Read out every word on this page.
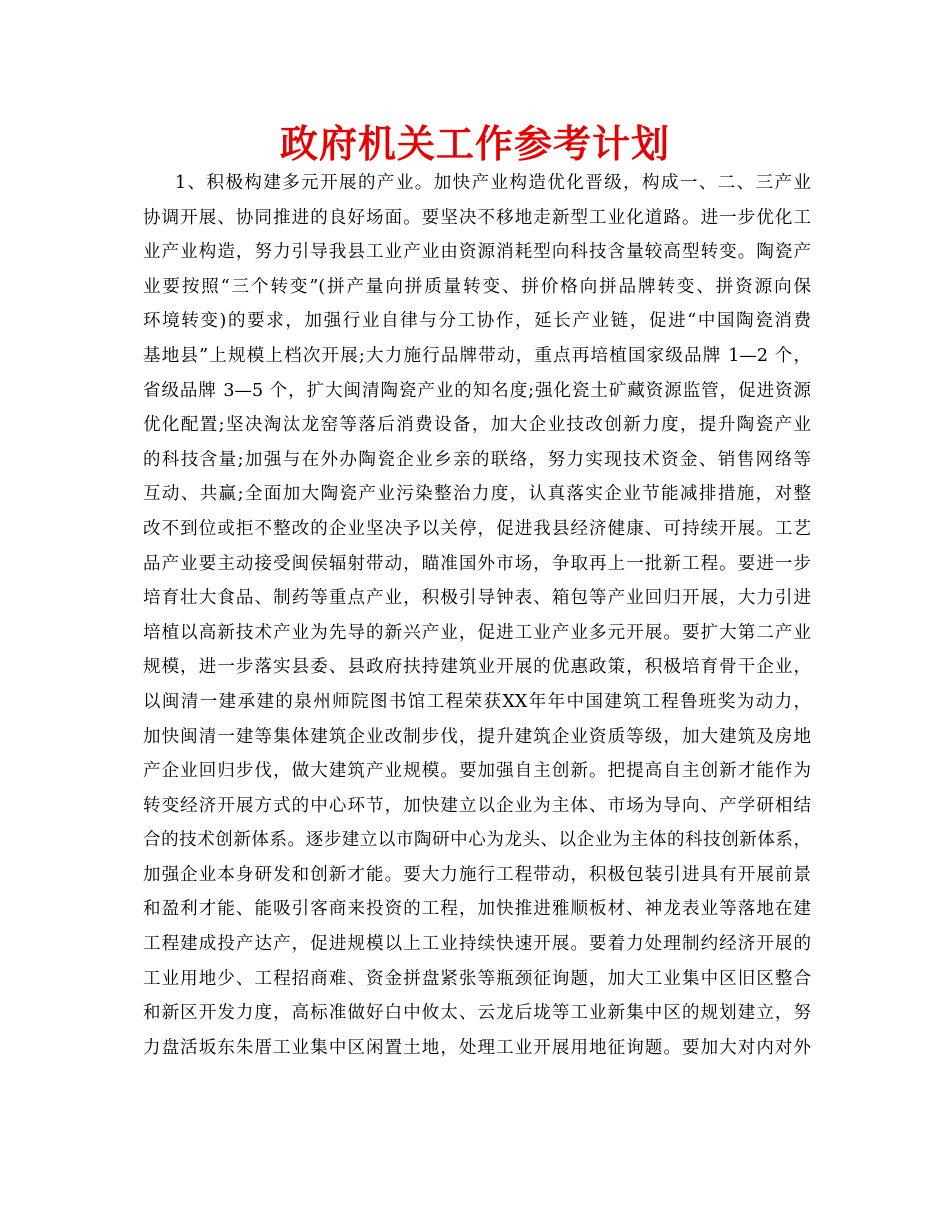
政府机关工作参考计划
1、积极构建多元开展的产业。加快产业构造优化晋级，构成一、二、三产业
协调开展、协同推进的良好场面。要坚决不移地走新型工业化道路。进一步优化工
业产业构造，努力引导我县工业产业由资源消耗型向科技含量较高型转变。陶瓷产
业要按照“三个转变”(拼产量向拼质量转变、拼价格向拼品牌转变、拼资源向保
环境转变)的要求，加强行业自律与分工协作，延长产业链，促进“中国陶瓷消费
基地县”上规模上档次开展;大力施行品牌带动，重点再培植国家级品牌 1—2 个，
省级品牌 3—5 个，扩大闽清陶瓷产业的知名度;强化瓷土矿藏资源监管，促进资源
优化配置;坚决淘汰龙窑等落后消费设备，加大企业技改创新力度，提升陶瓷产业
的科技含量;加强与在外办陶瓷企业乡亲的联络，努力实现技术资金、销售网络等
互动、共赢;全面加大陶瓷产业污染整治力度，认真落实企业节能减排措施，对整
改不到位或拒不整改的企业坚决予以关停，促进我县经济健康、可持续开展。工艺
品产业要主动接受闽侯辐射带动，瞄准国外市场，争取再上一批新工程。要进一步
培育壮大食品、制药等重点产业，积极引导钟表、箱包等产业回归开展，大力引进
培植以高新技术产业为先导的新兴产业，促进工业产业多元开展。要扩大第二产业
规模，进一步落实县委、县政府扶持建筑业开展的优惠政策，积极培育骨干企业，
以闽清一建承建的泉州师院图书馆工程荣获XX年年中国建筑工程鲁班奖为动力，
加快闽清一建等集体建筑企业改制步伐，提升建筑企业资质等级，加大建筑及房地
产企业回归步伐，做大建筑产业规模。要加强自主创新。把提高自主创新才能作为
转变经济开展方式的中心环节，加快建立以企业为主体、市场为导向、产学研相结
合的技术创新体系。逐步建立以市陶研中心为龙头、以企业为主体的科技创新体系，
加强企业本身研发和创新才能。要大力施行工程带动，积极包装引进具有开展前景
和盈利才能、能吸引客商来投资的工程，加快推进雅顺板材、神龙表业等落地在建
工程建成投产达产，促进规模以上工业持续快速开展。要着力处理制约经济开展的
工业用地少、工程招商难、资金拼盘紧张等瓶颈征询题，加大工业集中区旧区整合
和新区开发力度，高标准做好白中攸太、云龙后垅等工业新集中区的规划建立，努
力盘活坂东朱厝工业集中区闲置土地，处理工业开展用地征询题。要加大对内对外
